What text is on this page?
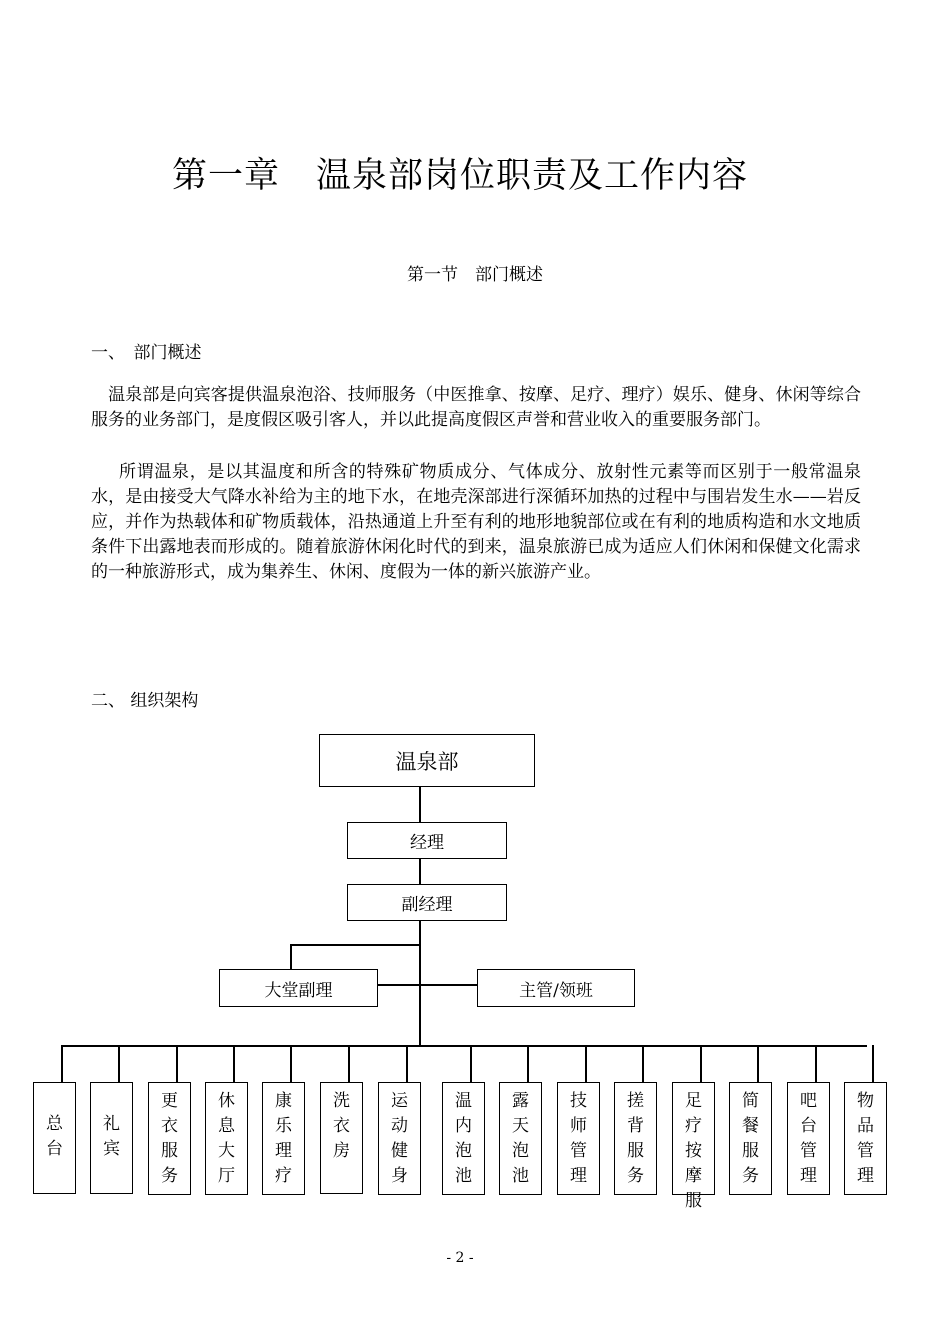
第一章　温泉部岗位职责及工作内容
第一节　部门概述
一、　部门概述
　温泉部是向宾客提供温泉泡浴、技师服务（中医推拿、按摩、足疗、理疗）娱乐、健身、休闲等综合服务的业务部门，是度假区吸引客人，并以此提高度假区声誉和营业收入的重要服务部门。
所谓温泉，是以其温度和所含的特殊矿物质成分、气体成分、放射性元素等而区别于一般常温泉水，是由接受大气降水补给为主的地下水，在地壳深部进行深循环加热的过程中与围岩发生水——岩反应，并作为热载体和矿物质载体，沿热通道上升至有利的地形地貌部位或在有利的地质构造和水文地质条件下出露地表而形成的。随着旅游休闲化时代的到来，温泉旅游已成为适应人们休闲和保健文化需求的一种旅游形式，成为集养生、休闲、度假为一体的新兴旅游产业。
二、 组织架构
温泉部
经理
副经理
大堂副理	主管/领班
总
台
礼
宾
更
衣
服
务
休
息
大
厅
康
乐
理
疗
洗
衣
房
运
动
健
身
温
内
泡
池
露
天
泡
池
技
师
管
理
搓
背
服
务
足
疗
按
摩
服
简
餐
服
务
吧
台
管
理
物
品
管
理
- 2 -
